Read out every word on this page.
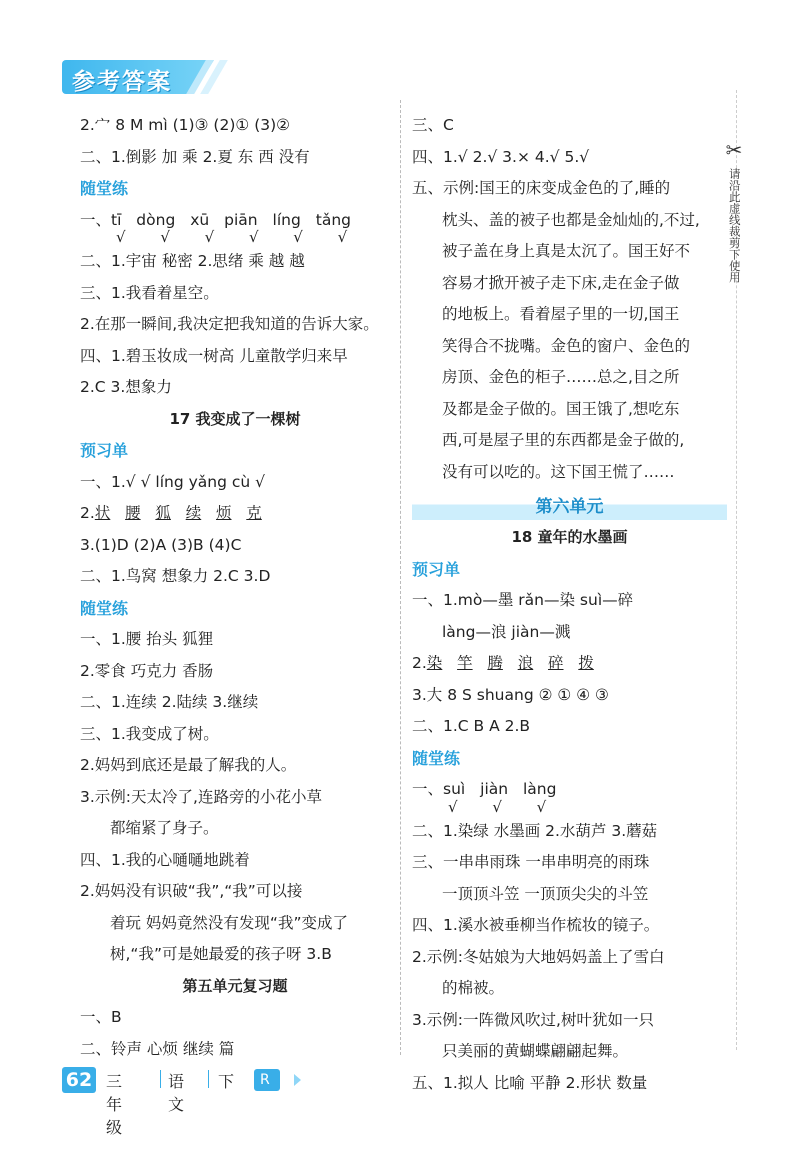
参考答案
2.宀 8 M mì (1)③ (2)① (3)②
二、1.倒影 加 乘 2.夏 东 西 没有
随堂练
一、tī dòng xū piān líng tǎng
√ √ √ √ √ √
二、1.宇宙 秘密 2.思绪 乘 越 越
三、1.我看着星空。
2.在那一瞬间,我决定把我知道的告诉大家。
四、1.碧玉妆成一树高 儿童散学归来早
2.C 3.想象力
17 我变成了一棵树
预习单
一、1.√ √ líng yǎng cù √
2.状 腰 狐 续 烦 克
3.(1)D (2)A (3)B (4)C
二、1.鸟窝 想象力 2.C 3.D
随堂练
一、1.腰 抬头 狐狸
2.零食 巧克力 香肠
二、1.连续 2.陆续 3.继续
三、1.我变成了树。
2.妈妈到底还是最了解我的人。
3.示例:天太冷了,连路旁的小花小草
都缩紧了身子。
四、1.我的心嗵嗵地跳着
2.妈妈没有识破“我”,“我”可以接
着玩 妈妈竟然没有发现“我”变成了
树,“我”可是她最爱的孩子呀 3.B
第五单元复习题
一、B
二、铃声 心烦 继续 篇
三、C
四、1.√ 2.√ 3.× 4.√ 5.√
五、示例:国王的床变成金色的了,睡的
枕头、盖的被子也都是金灿灿的,不过,
被子盖在身上真是太沉了。国王好不
容易才掀开被子走下床,走在金子做
的地板上。看着屋子里的一切,国王
笑得合不拢嘴。金色的窗户、金色的
房顶、金色的柜子……总之,目之所
及都是金子做的。国王饿了,想吃东
西,可是屋子里的东西都是金子做的,
没有可以吃的。这下国王慌了……
第六单元
18 童年的水墨画
预习单
一、1.mò—墨 rǎn—染 suì—碎
làng—浪 jiàn—溅
2.染 竿 腾 浪 碎 拨
3.大 8 S shuang ② ① ④ ③
二、1.C B A 2.B
随堂练
一、suì jiàn làng
√ √ √
二、1.染绿 水墨画 2.水葫芦 3.蘑菇
三、一串串雨珠 一串串明亮的雨珠
一顶顶斗笠 一顶顶尖尖的斗笠
四、1.溪水被垂柳当作梳妆的镜子。
2.示例:冬姑娘为大地妈妈盖上了雪白
的棉被。
3.示例:一阵微风吹过,树叶犹如一只
只美丽的黄蝴蝶翩翩起舞。
五、1.拟人 比喻 平静 2.形状 数量
✂
请沿此虚线裁剪下使用
62 三年级
语文
下	R版
